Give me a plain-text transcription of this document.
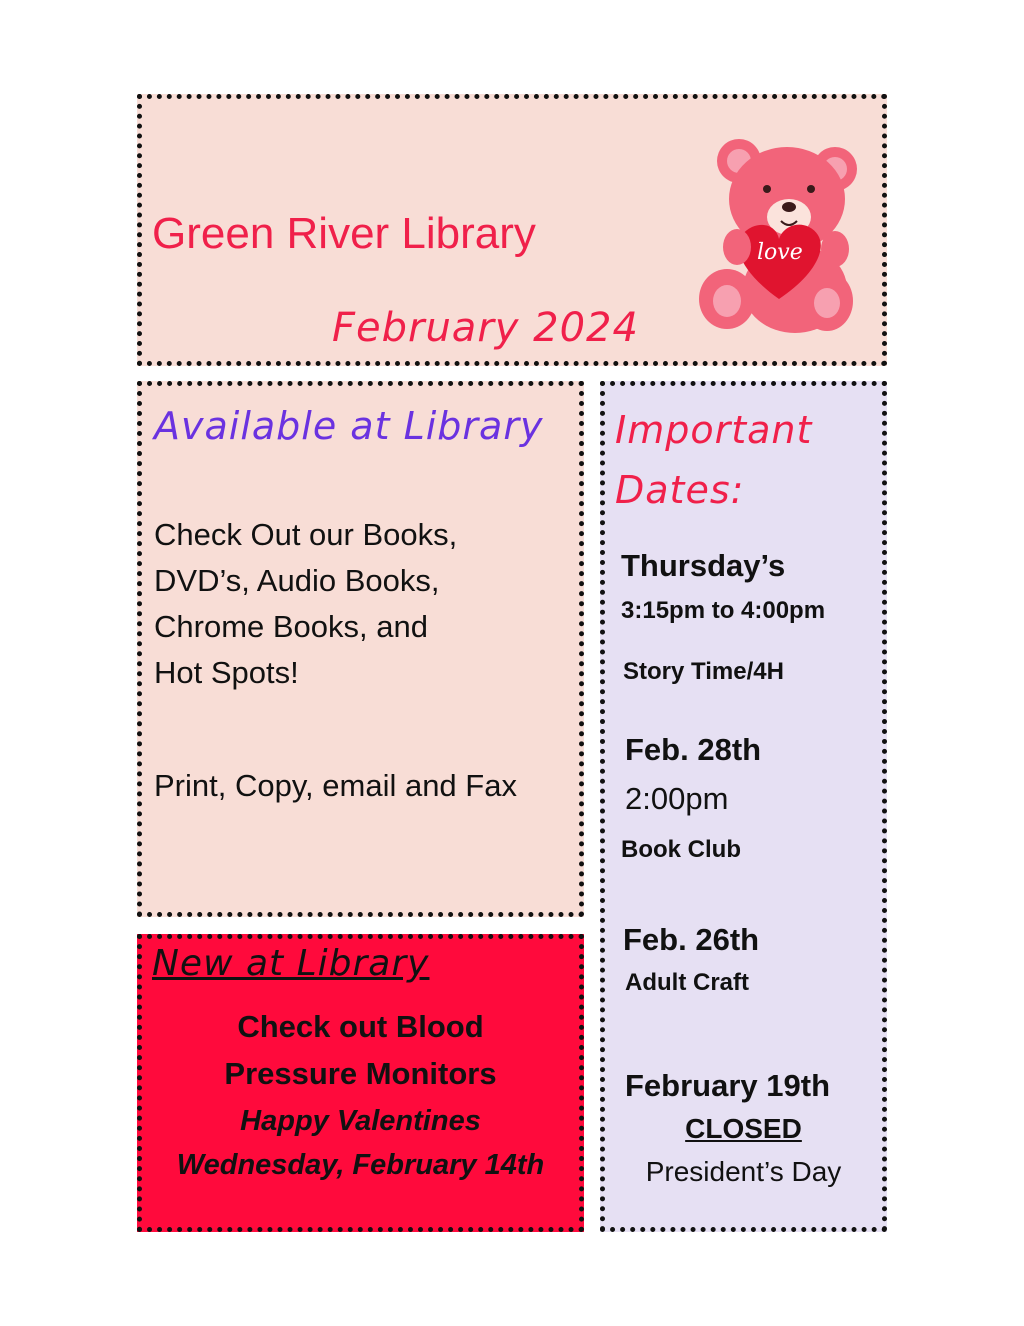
Green River Library
February 2024
love
Available at Library
Check Out our Books,
DVD’s, Audio Books,
Chrome Books, and
Hot Spots!
Print, Copy, email and Fax
New at Library
Check out Blood
Pressure Monitors
Happy Valentines
Wednesday, February 14th
Important
Dates:
Thursday’s
3:15pm to 4:00pm
Story Time/4H
Feb. 28th
2:00pm
Book Club
Feb. 26th
Adult Craft
February 19th
CLOSED
President’s Day
